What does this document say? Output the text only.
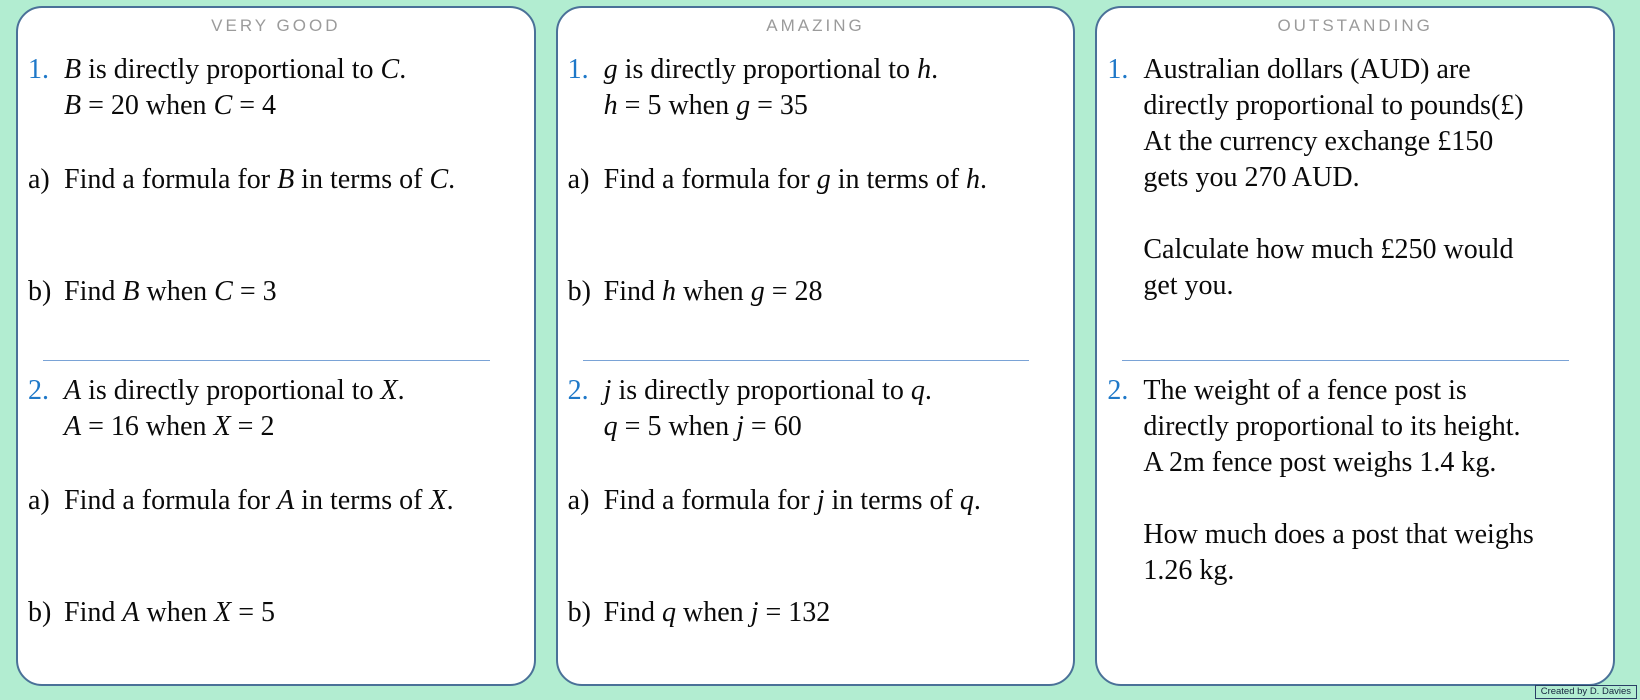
VERY GOOD
1. B is directly proportional to C.
B = 20 when C = 4
a) Find a formula for B in terms of C.
b) Find B when C = 3
2. A is directly proportional to X.
A = 16 when X = 2
a) Find a formula for A in terms of X.
b) Find A when X = 5
AMAZING
1. g is directly proportional to h.
h = 5 when g = 35
a) Find a formula for g in terms of h.
b) Find h when g = 28
2. j is directly proportional to q.
q = 5 when j = 60
a) Find a formula for j in terms of q.
b) Find q when j = 132
OUTSTANDING
1. Australian dollars (AUD) are
directly proportional to pounds(£)
At the currency exchange £150
gets you 270 AUD.
Calculate how much £250 would
get you.
2. The weight of a fence post is
directly proportional to its height.
A 2m fence post weighs 1.4 kg.
How much does a post that weighs
1.26 kg.
Created by D. Davies
